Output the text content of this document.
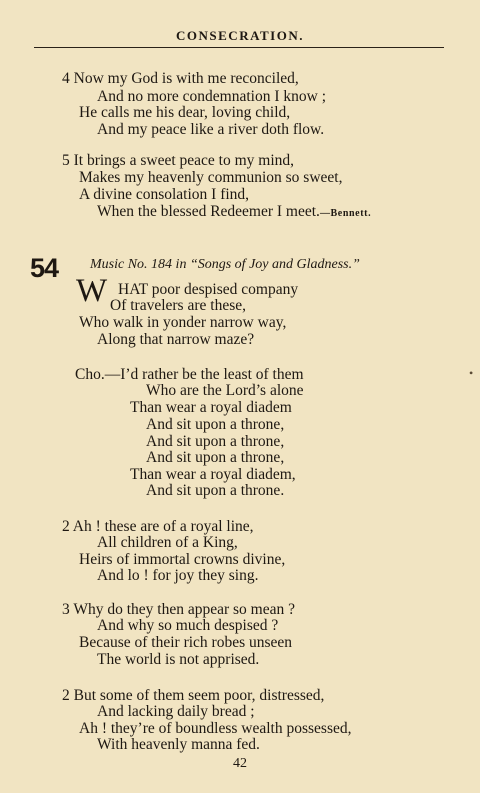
CONSECRATION.
4 Now my God is with me reconciled,
And no more condemnation I know ;
He calls me his dear, loving child,
And my peace like a river doth flow.
5 It brings a sweet peace to my mind,
Makes my heavenly communion so sweet,
A divine consolation I find,
When the blessed Redeemer I meet.—Bennett.
54 Music No. 184 in “Songs of Joy and Gladness.”
W HAT poor despised company
Of travelers are these,
Who walk in yonder narrow way,
Along that narrow maze?
Cho.—I’d rather be the least of them
Who are the Lord’s alone
Than wear a royal diadem
And sit upon a throne,
And sit upon a throne,
And sit upon a throne,
Than wear a royal diadem,
And sit upon a throne.
2 Ah ! these are of a royal line,
All children of a King,
Heirs of immortal crowns divine,
And lo ! for joy they sing.
3 Why do they then appear so mean ?
And why so much despised ?
Because of their rich robes unseen
The world is not apprised.
2 But some of them seem poor, distressed,
And lacking daily bread ;
Ah ! they’re of boundless wealth possessed,
With heavenly manna fed.
42
•
